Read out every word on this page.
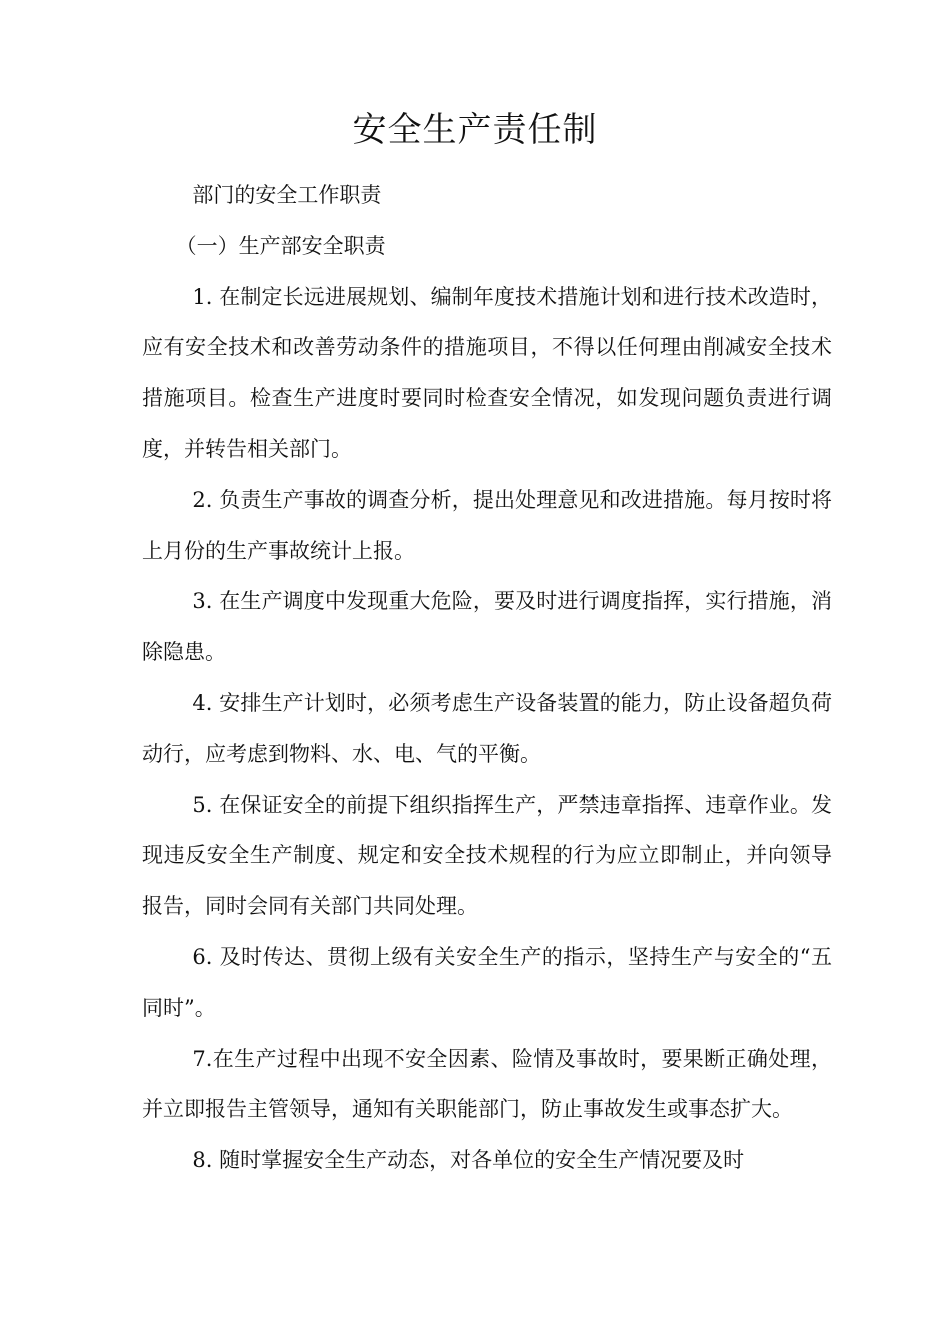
安全生产责任制

部门的安全工作职责

（一）生产部安全职责

1. 在制定长远进展规划、编制年度技术措施计划和进行技术改造时，应有安全技术和改善劳动条件的措施项目，不得以任何理由削减安全技术措施项目。检查生产进度时要同时检查安全情况，如发现问题负责进行调度，并转告相关部门。

2. 负责生产事故的调查分析，提出处理意见和改进措施。每月按时将上月份的生产事故统计上报。

3. 在生产调度中发现重大危险，要及时进行调度指挥，实行措施，消除隐患。

4. 安排生产计划时，必须考虑生产设备装置的能力，防止设备超负荷动行，应考虑到物料、水、电、气的平衡。

5. 在保证安全的前提下组织指挥生产，严禁违章指挥、违章作业。发现违反安全生产制度、规定和安全技术规程的行为应立即制止，并向领导报告，同时会同有关部门共同处理。

6. 及时传达、贯彻上级有关安全生产的指示，坚持生产与安全的“五同时”。

7.在生产过程中出现不安全因素、险情及事故时，要果断正确处理，并立即报告主管领导，通知有关职能部门，防止事故发生或事态扩大。

8. 随时掌握安全生产动态，对各单位的安全生产情况要及时
